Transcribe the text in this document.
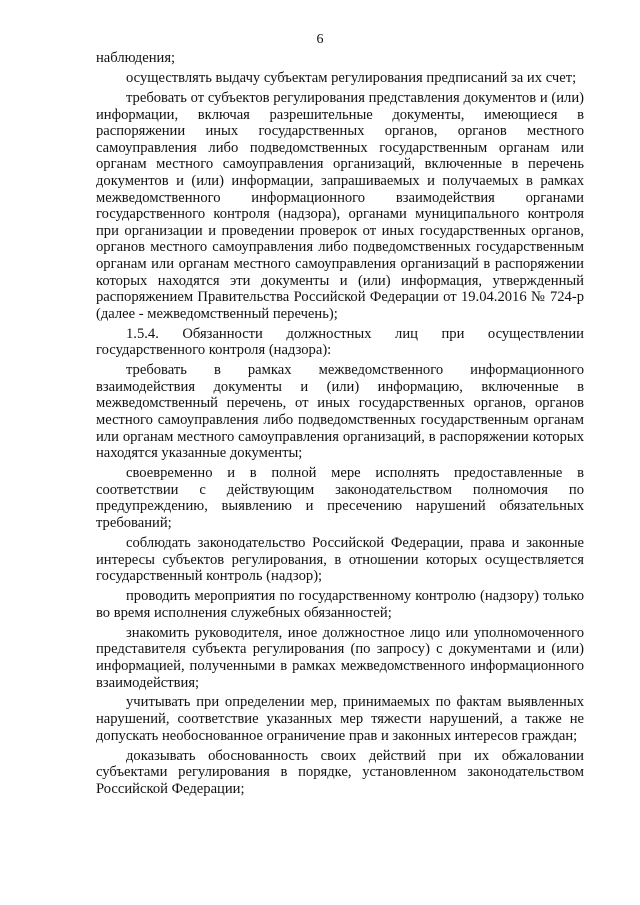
6

наблюдения;

осуществлять выдачу субъектам регулирования предписаний за их счет;

требовать от субъектов регулирования представления документов и (или) информации, включая разрешительные документы, имеющиеся в распоряжении иных государственных органов, органов местного самоуправления либо подведомственных государственным органам или органам местного самоуправления организаций, включенные в перечень документов и (или) информации, запрашиваемых и получаемых в рамках межведомственного информационного взаимодействия органами государственного контроля (надзора), органами муниципального контроля при организации и проведении проверок от иных государственных органов, органов местного самоуправления либо подведомственных государственным органам или органам местного самоуправления организаций в распоряжении которых находятся эти документы и (или) информация, утвержденный распоряжением Правительства Российской Федерации от 19.04.2016 № 724-р (далее - межведомственный перечень);

1.5.4. Обязанности должностных лиц при осуществлении государственного контроля (надзора):

требовать в рамках межведомственного информационного взаимодействия документы и (или) информацию, включенные в межведомственный перечень, от иных государственных органов, органов местного самоуправления либо подведомственных государственным органам или органам местного самоуправления организаций, в распоряжении которых находятся указанные документы;

своевременно и в полной мере исполнять предоставленные в соответствии с действующим законодательством полномочия по предупреждению, выявлению и пресечению нарушений обязательных требований;

соблюдать законодательство Российской Федерации, права и законные интересы субъектов регулирования, в отношении которых осуществляется государственный контроль (надзор);

проводить мероприятия по государственному контролю (надзору) только во время исполнения служебных обязанностей;

знакомить руководителя, иное должностное лицо или уполномоченного представителя субъекта регулирования (по запросу) с документами и (или) информацией, полученными в рамках межведомственного информационного взаимодействия;

учитывать при определении мер, принимаемых по фактам выявленных нарушений, соответствие указанных мер тяжести нарушений, а также не допускать необоснованное ограничение прав и законных интересов граждан;

доказывать обоснованность своих действий при их обжаловании субъектами регулирования в порядке, установленном законодательством Российской Федерации;
